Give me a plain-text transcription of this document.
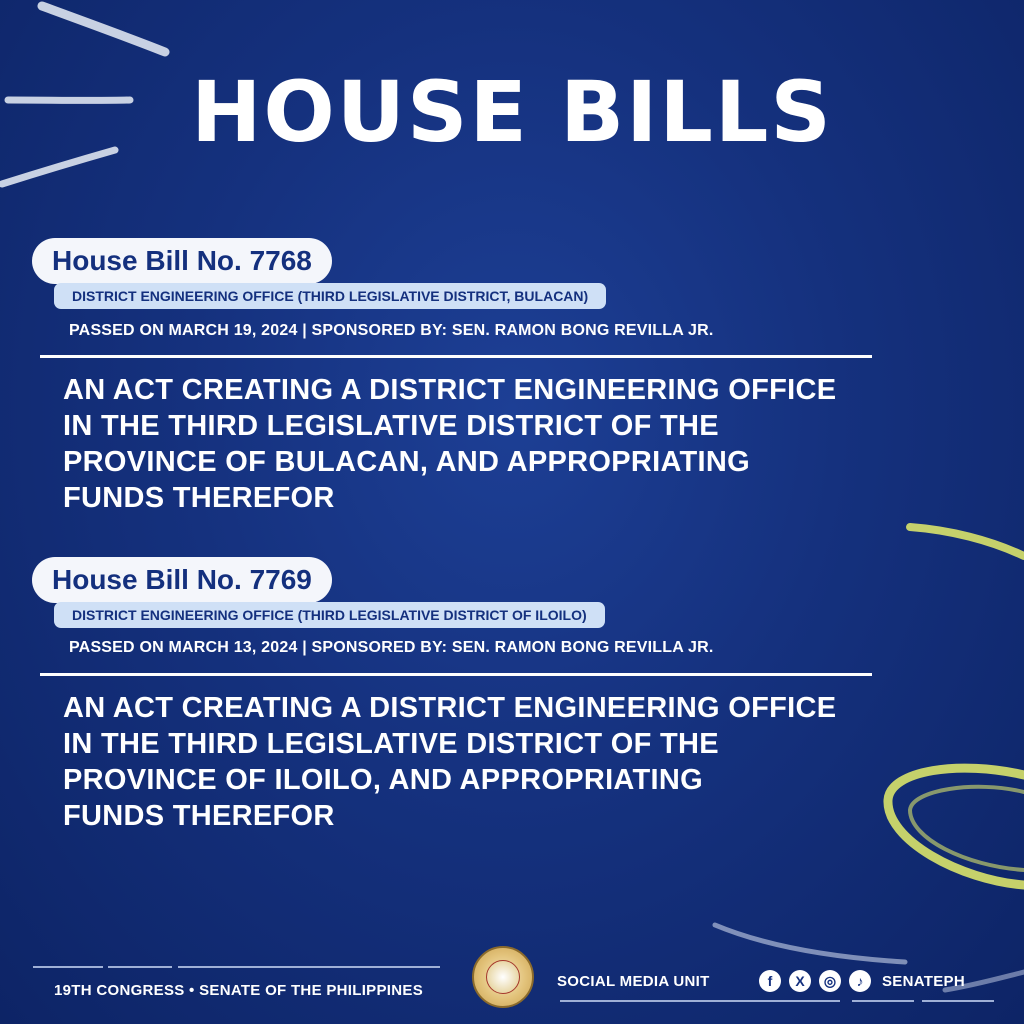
HOUSE BILLS
House Bill No. 7768
DISTRICT ENGINEERING OFFICE (THIRD LEGISLATIVE DISTRICT, BULACAN)
PASSED ON MARCH 19, 2024 | SPONSORED BY: SEN. RAMON BONG REVILLA JR.
AN ACT CREATING A DISTRICT ENGINEERING OFFICE
IN THE THIRD LEGISLATIVE DISTRICT OF THE
PROVINCE OF BULACAN, AND APPROPRIATING
FUNDS THEREFOR
House Bill No. 7769
DISTRICT ENGINEERING OFFICE (THIRD LEGISLATIVE DISTRICT OF ILOILO)
PASSED ON MARCH 13, 2024 | SPONSORED BY: SEN. RAMON BONG REVILLA JR.
AN ACT CREATING A DISTRICT ENGINEERING OFFICE
IN THE THIRD LEGISLATIVE DISTRICT OF THE
PROVINCE OF ILOILO, AND APPROPRIATING
FUNDS THEREFOR
19TH CONGRESS • SENATE OF THE PHILIPPINES
SOCIAL MEDIA UNIT	f	X	◎	♪	SENATEPH
